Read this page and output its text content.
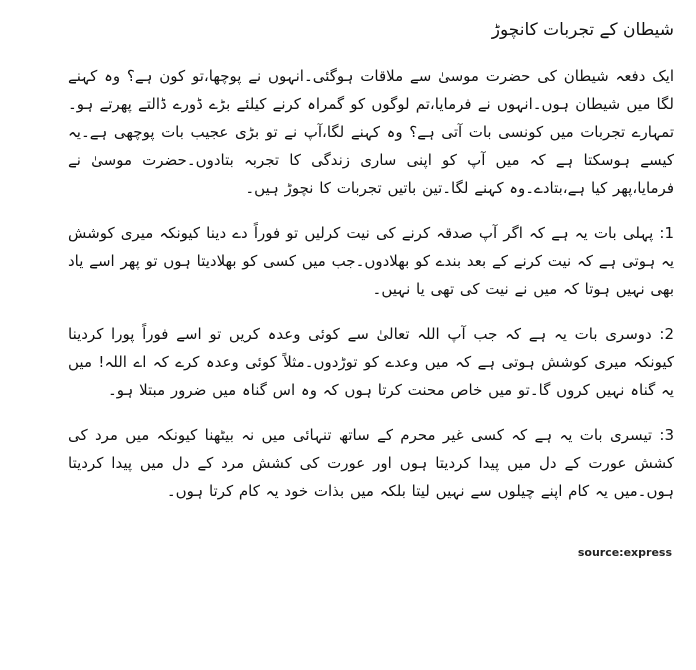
شیطان کے تجربات کانچوڑ

ایک دفعہ شیطان کی حضرت موسیٰ سے ملاقات ہوگئی۔انہوں نے پوچھا،تو کون ہے؟ وہ کہنے لگا میں شیطان ہوں۔انہوں نے فرمایا،تم لوگوں کو گمراہ کرنے کیلئے بڑے ڈورے ڈالتے پھرتے ہو۔تمہارے تجربات میں کونسی بات آتی ہے؟ وہ کہنے لگا،آپ نے تو بڑی عجیب بات پوچھی ہے۔یہ کیسے ہوسکتا ہے کہ میں آپ کو اپنی ساری زندگی کا تجربہ بتادوں۔حضرت موسیٰ نے فرمایا،پھر کیا ہے،بتادے۔وہ کہنے لگا۔تین باتیں تجربات کا نچوڑ ہیں۔

1: پہلی بات یہ ہے کہ اگر آپ صدقہ کرنے کی نیت کرلیں تو فوراً دے دینا کیونکہ میری کوشش یہ ہوتی ہے کہ نیت کرنے کے بعد بندے کو بھلادوں۔جب میں کسی کو بھلادیتا ہوں تو پھر اسے یاد بھی نہیں ہوتا کہ میں نے نیت کی تھی یا نہیں۔

2: دوسری بات یہ ہے کہ جب آپ اللہ تعالیٰ سے کوئی وعدہ کریں تو اسے فوراً پورا کردینا کیونکہ میری کوشش ہوتی ہے کہ میں وعدے کو توڑدوں۔مثلاً کوئی وعدہ کرے کہ اے اللہ! میں یہ گناہ نہیں کروں گا۔تو میں خاص محنت کرتا ہوں کہ وہ اس گناہ میں ضرور مبتلا ہو۔

3: تیسری بات یہ ہے کہ کسی غیر محرم کے ساتھ تنہائی میں نہ بیٹھنا کیونکہ میں مرد کی کشش عورت کے دل میں پیدا کردیتا ہوں اور عورت کی کشش مرد کے دل میں پیدا کردیتا ہوں۔میں یہ کام اپنے چیلوں سے نہیں لیتا بلکہ میں بذات خود یہ کام کرتا ہوں۔

source:express
